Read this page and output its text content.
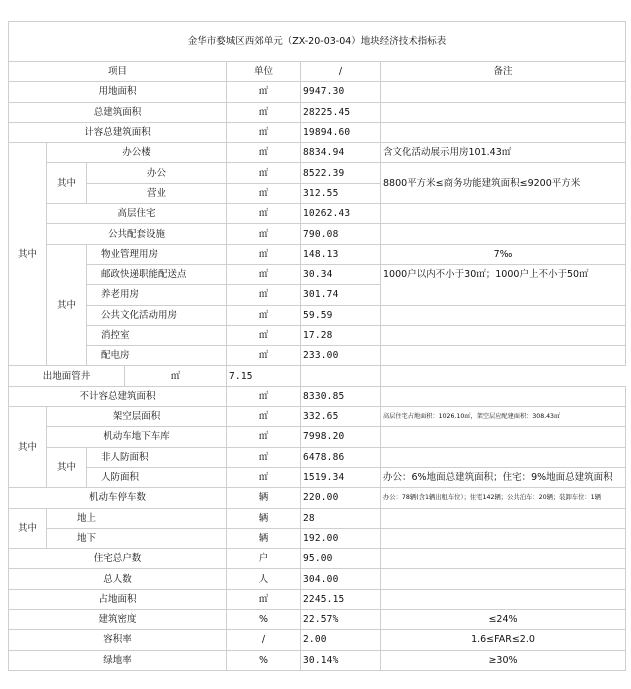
金华市婺城区西郊单元（ZX-20-03-04）地块经济技术指标表						
项目				单位	/	备注
用地面积				㎡	9947.30	
总建筑面积				㎡	28225.45	
计容总建筑面积				㎡	19894.60	
其中	办公楼			㎡	8834.94	含文化活动展示用房101.43㎡
	其中	办公		㎡	8522.39	8800平方米≤商务功能建筑面积≤9200平方米
		营业		㎡	312.55	
	高层住宅			㎡	10262.43	
	公共配套设施			㎡	790.08	
	其中	物业管理用房		㎡	148.13	7‰
		邮政快递职能配送点		㎡	30.34	1000户以内不小于30㎡；1000户上不小于50㎡
		养老用房		㎡	301.74	
		公共文化活动用房		㎡	59.59	
		消控室		㎡	17.28	
		配电房		㎡	233.00	
出地面管井			㎡	7.15		
不计容总建筑面积				㎡	8330.85	
其中	架空层面积			㎡	332.65	高层住宅占地面积：1026.10㎡，架空层应配建面积：308.43㎡
	机动车地下车库			㎡	7998.20	
	其中	非人防面积		㎡	6478.86	
		人防面积		㎡	1519.34	办公：6%地面总建筑面积；住宅：9%地面总建筑面积
机动车停车数				辆	220.00	办公：78辆(含1辆出租车位）；住宅142辆；公共泊车：20辆；装卸车位：1辆
其中	地上			辆	28	
	地下			辆	192.00	
住宅总户数				户	95.00	
总人数				人	304.00	
占地面积				㎡	2245.15	
建筑密度				%	22.57%	≤24%
容积率				/	2.00	1.6≤FAR≤2.0
绿地率				%	30.14%	≥30%
